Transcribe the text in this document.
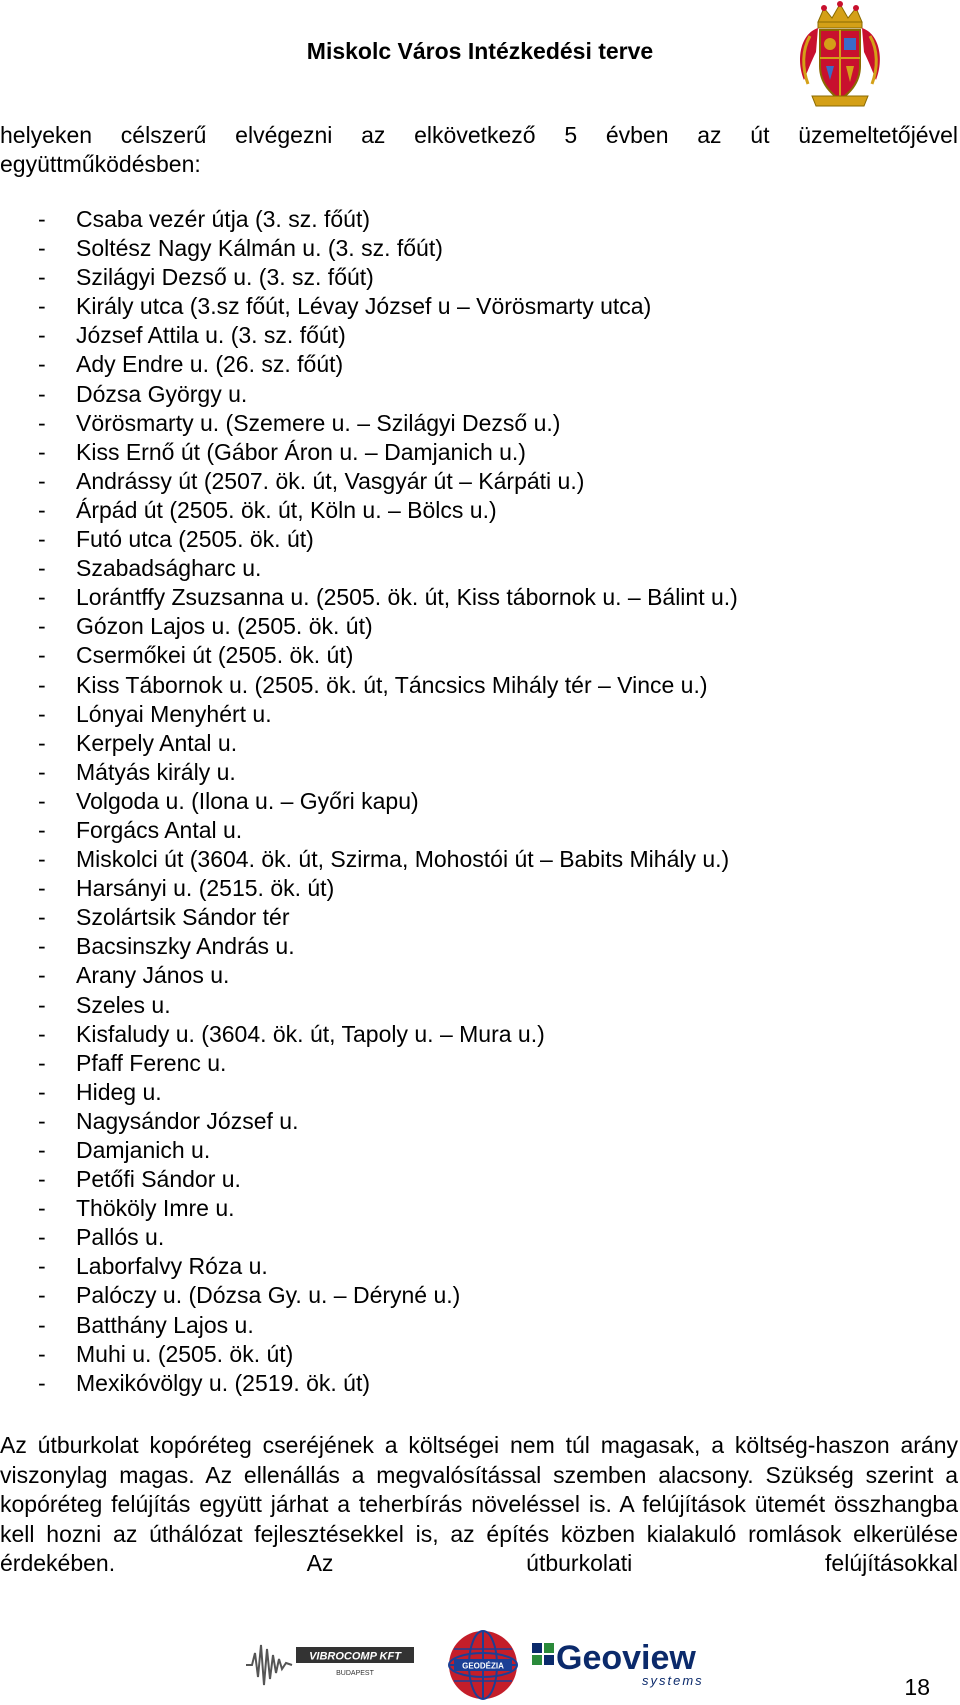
Miskolc Város Intézkedési terve

helyeken célszerű elvégezni az elkövetkező 5 évben az út üzemeltetőjével együttműködésben:

- Csaba vezér útja (3. sz. főút)
- Soltész Nagy Kálmán u. (3. sz. főút)
- Szilágyi Dezső u. (3. sz. főút)
- Király utca (3.sz főút, Lévay József u – Vörösmarty utca)
- József Attila u. (3. sz. főút)
- Ady Endre u. (26. sz. főút)
- Dózsa György u.
- Vörösmarty u. (Szemere u. – Szilágyi Dezső u.)
- Kiss Ernő út (Gábor Áron u. – Damjanich u.)
- Andrássy út (2507. ök. út, Vasgyár út – Kárpáti u.)
- Árpád út (2505. ök. út, Köln u. – Bölcs u.)
- Futó utca (2505. ök. út)
- Szabadságharc u.
- Lorántffy Zsuzsanna u. (2505. ök. út, Kiss tábornok u. – Bálint u.)
- Gózon Lajos u. (2505. ök. út)
- Csermőkei út (2505. ök. út)
- Kiss Tábornok u. (2505. ök. út, Táncsics Mihály tér – Vince u.)
- Lónyai Menyhért u.
- Kerpely Antal u.
- Mátyás király u.
- Volgoda u. (Ilona u. – Győri kapu)
- Forgács Antal u.
- Miskolci út (3604. ök. út, Szirma, Mohostói út – Babits Mihály u.)
- Harsányi u. (2515. ök. út)
- Szolártsik Sándor tér
- Bacsinszky András u.
- Arany János u.
- Szeles u.
- Kisfaludy u. (3604. ök. út, Tapoly u. – Mura u.)
- Pfaff Ferenc u.
- Hideg u.
- Nagysándor József u.
- Damjanich u.
- Petőfi Sándor u.
- Thököly Imre u.
- Pallós u.
- Laborfalvy Róza u.
- Palóczy u. (Dózsa Gy. u. – Déryné u.)
- Batthány Lajos u.
- Muhi u. (2505. ök. út)
- Mexikóvölgy u. (2519. ök. út)

Az útburkolat kopóréteg cseréjének a költségei nem túl magasak, a költség-haszon arány viszonylag magas. Az ellenállás a megvalósítással szemben alacsony. Szükség szerint a kopóréteg felújítás együtt járhat a teherbírás növeléssel is. A felújítások ütemét összhangba kell hozni az úthálózat fejlesztésekkel is, az építés közben kialakuló romlások elkerülése érdekében. Az útburkolati felújításokkal

VIBROCOMP KFT
BUDAPEST
GEODÉZIA Geoview
systems	18
